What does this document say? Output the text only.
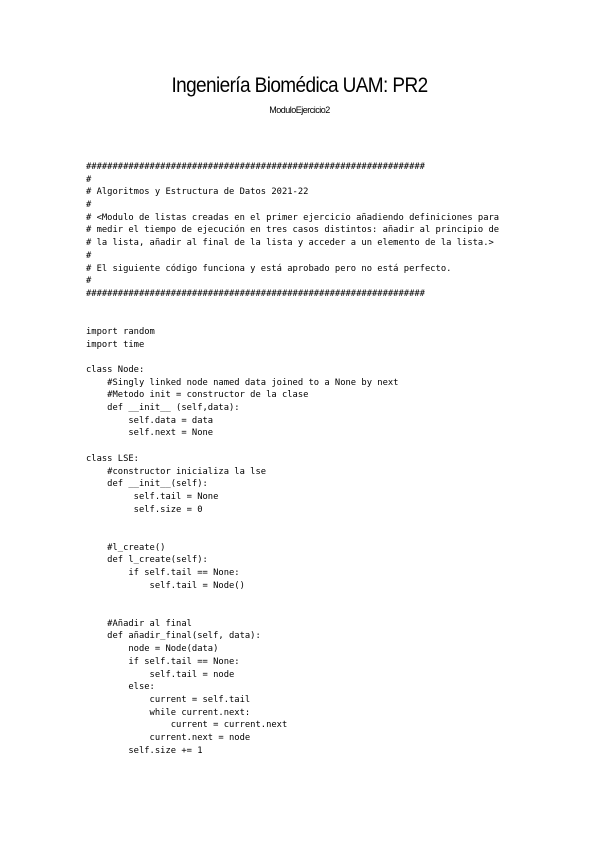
Ingeniería Biomédica UAM: PR2
ModuloEjercicio2
################################################################
#
# Algoritmos y Estructura de Datos 2021-22
#
# <Modulo de listas creadas en el primer ejercicio añadiendo definiciones para
# medir el tiempo de ejecución en tres casos distintos: añadir al principio de
# la lista, añadir al final de la lista y acceder a un elemento de la lista.>
#
# El siguiente código funciona y está aprobado pero no está perfecto.
#
################################################################
import random
import time
class Node:
#Singly linked node named data joined to a None by next
#Metodo init = constructor de la clase
def __init__ (self,data):
self.data = data
self.next = None
class LSE:
#constructor inicializa la lse
def __init__(self):
self.tail = None
self.size = 0
#l_create()
def l_create(self):
if self.tail == None:
self.tail = Node()
#Añadir al final
def añadir_final(self, data):
node = Node(data)
if self.tail == None:
self.tail = node
else:
current = self.tail
while current.next:
current = current.next
current.next = node
self.size += 1
